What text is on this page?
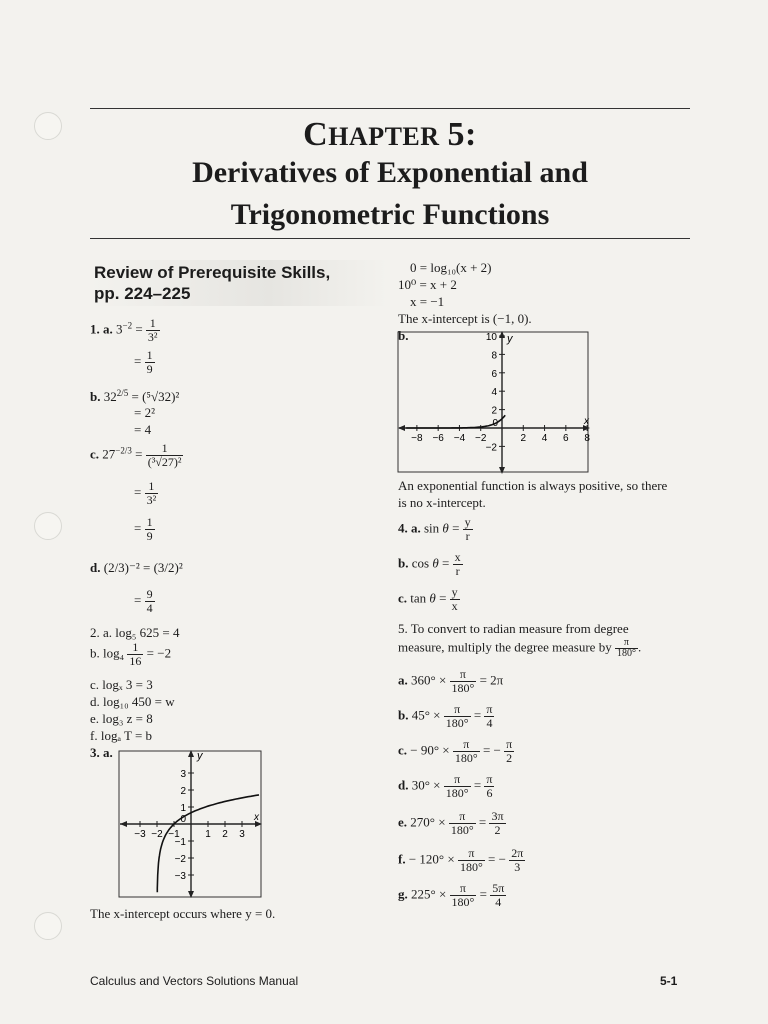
CHAPTER 5:
Derivatives of Exponential and
Trigonometric Functions
Review of Prerequisite Skills,
pp. 224–225
1. a. $3^{-2} = \frac{1}{\text{3²}}$
= $\frac{1}{9}$
b. $32^{2/5} = (^5√32)^2$
= 2²
= 4
c. $27^{-2/3} = \frac{1}{\text{(³√27)²}}$
= $\frac{1}{\text{3²}}$
= $\frac{1}{9}$
d. (2/3)⁻² = (3/2)²
= $\frac{9}{4}$
2. a. log₅ 625 = 4
b. $\log_4 \frac{1}{16} = -2$
c. logₓ 3 = 3
d. log₁₀ 450 = w
e. log₃ z = 8
f. logₐ T = b
3. a.	y
x
3
2
1
−1
−2
−3
−3 −2 −1
0
1 2 3
The x-intercept occurs where y = 0.
0 = log₁₀(x + 2)
10⁰ = x + 2
x = −1
The x-intercept is (−1, 0).
b.	y
x
10
8
6
4
2
−2
−8 −6 −4 −2
0
2 4 6 8
An exponential function is always positive, so there
is no x-intercept.
4. a. $\sin \theta = \frac{y}{r}$
b. $\cos \theta = \frac{x}{r}$
c. $\tan \theta = \frac{y}{x}$
5. To convert to radian measure from degree
measure, multiply the degree measure by $\frac{\pi}{180^\circ}$ .
a. $360^\circ \times \frac{\pi}{180^\circ} = 2\pi$
b. $45^\circ \times \frac{\pi}{180^\circ} = \frac{\pi}{4}$
c. − $90^\circ \times \frac{\pi}{180^\circ}$ = − $\frac{\pi}{2}$
d. $30^\circ \times \frac{\pi}{180^\circ} = \frac{\pi}{6}$
e. $270^\circ \times \frac{\pi}{180^\circ} = \frac{3\pi}{2}$
f. − $120^\circ \times \frac{\pi}{180^\circ}$ = − $\frac{2\pi}{3}$
g. $225^\circ \times \frac{\pi}{180^\circ} = \frac{5\pi}{4}$
Calculus and Vectors Solutions Manual	5-1
